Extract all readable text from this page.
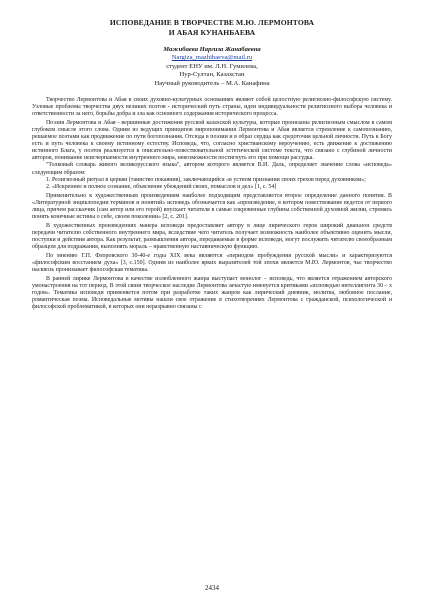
ИСПОВЕДАНИЕ В ТВОРЧЕСТВЕ М.Ю. ЛЕРМОНТОВА
И АБАЯ КУНАНБАЕВА
Мажибаева Наргиза Жанабаевна
Nargiza_mazhibaeva@mail.ru
студент ЕНУ им. Л.Н. Гумилева,
Нур-Султан, Казахстан
Научный руководитель – М.А. Канафина

Творчество Лермонтова и Абая в своих духовно-культурных основаниях являют собой целостную религиозно-философскую систему. Узловые проблемы творчества двух великих поэтов - исторический путь страны, идеи индивидуальности религиозного выбора человека и ответственности за него, борьбы добра и зла как основного содержания исторического процесса.

Поэзия Лермонтова и Абая - вершинные достижения русской казахской культуры, которые пронизаны религиозным смыслом в самом глубоком смысле этого слова. Одним из ведущих принципов миропонимания Лермонтова и Абая является стремление к самопознанию, решаемое поэтами как продвижение по пути богопознания. Отсюда в поэзии и в образ сердца как средоточия цельной личности. Путь к Богу есть и путь человека к своему истинному естеству. Исповедь, что, согласно христианскому вероучению, есть движение к достижению истинного Блага, у поэтов реализуется в описательно-повествовательной эстетической системе текста, что связано с глубиной личности авторов, понимание неисчерпаемости внутреннего мира, невозможности постигнуть его при помощи рассудка.

"Толковый словарь живого великорусского языка", автором которого является В.И. Даль, определяет значение слова «исповедь» следующим образом:

1. Религиозный ритуал в церкви (таинство покаяния), заключающийся «в устном признании своих грехов перед духовником»;

2. «Искреннее и полное сознание, объяснение убеждений своих, помыслов и дел» [1, с. 54]

Применительно к художественным произведениям наиболее подходящим представляется второе определение данного понятия. В «Литературной энциклопедии терминов и понятий» исповедь обозначается как «произведение, в котором повествование ведется от первого лица, причем рассказчик (сам автор или его герой) впускает читателя в самые сокровенные глубины собственной духовной жизни, стремясь понять конечные истины о себе, своем поколении» [2, с. 201].

В художественных произведениях манера исповеди предоставляет автору в лице лирического героя широкий диапазон средств передачи читателю собственного внутреннего мира, вследствие чего читатель получает возможность наиболее объективно оценить мысли, поступки и действия автора. Как результат, размышления автора, передаваемые в форме исповеди, могут послужить читателю своеобразным образцом для подражания, выполнять мораль – нравственную наставническую функцию.

По мнению Г.П. Флоровского 30-40-е годы XIX века являются «периодом пробуждения русской мысли» и характеризуются «философским восстанием духа» [3, с.150]. Одним из наиболее ярких выразителей той эпохи является М.Ю. Лермонтов, чье творчество насквозь пронизывает философская тематика.

В ранней лирике Лермонтова в качестве излюбленного жанра выступает монолог – исповедь, что является отражением авторского умонастроения на тот период. В этой связи творческое наследие Лермонтова зачастую именуется критиками «исповедью интеллигента 30 – х годов». Тематика исповеди применяется потом при разработке таких жанров как лирический дневник, молитва, любовное послание, романтическая поэма. Исповедальные мотивы нашли свое отражение в стихотворениях Лермонтова с гражданской, психологической и философской проблематикой, в которых они неразрывно связаны с

2434
